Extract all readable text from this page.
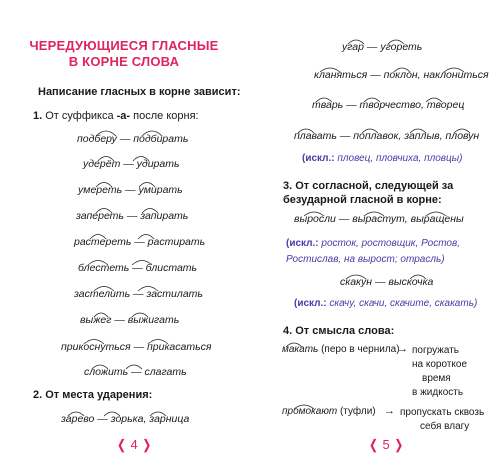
ЧЕРЕДУЮЩИЕСЯ ГЛАСНЫЕ
В КОРНЕ СЛОВА
Написание гласных в корне зависит:
1. От суффикса -а- после корня:
подберу — подбирать
удерёт — удирать
умереть — умирать
запереть — запирать
растереть — растирать
блестеть — блистать
застелить — застилать
выжег — выжигать
прикоснуться — прикасаться
сложить — слагать
2. От места ударения:
зарево — зорька, зарница
❬ 4 ❭
угар — угореть
кланяться — поклон, наклониться
тварь — творчество, творец
плавать — поплавок, заплыв, пловун
(искл.: пловец, пловчиха, пловцы)
3. От согласной, следующей за безударной гласной в корне:
выросли — вырастут, выращены
(искл.: росток, ростовщик, Ростов,
Ростислав, на вырост; отрасль)
скакун — выскочка
(искл.: скачу, скачи, скачите, скакать)
4. От смысла слова:
макать (перо в чернила)
→ погружать
на короткое
время
в жидкость
промокают (туфли) → пропускать сквозь
себя влагу
❬ 5 ❭
